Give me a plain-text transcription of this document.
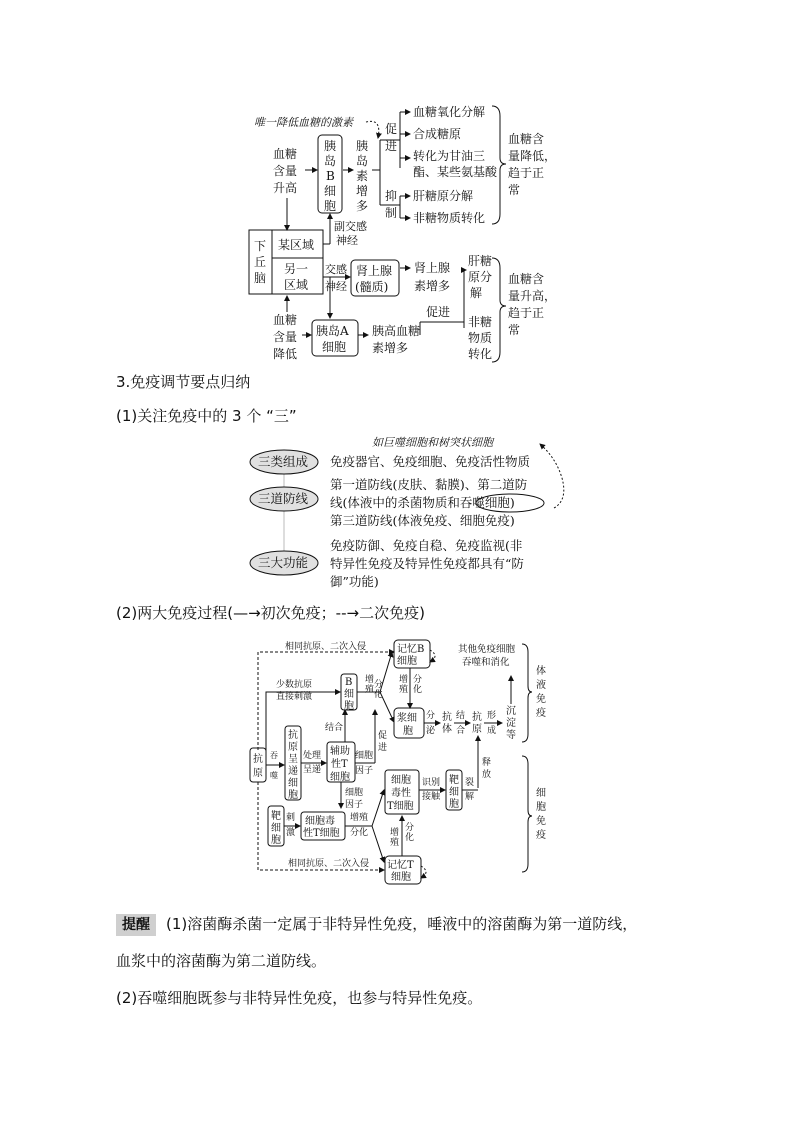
唯一降低血糖的激素
血糖
含量
升高
胰
岛
B
细
胞
胰
岛
素
增
多
促
进
抑
制
血糖氧化分解
合成糖原
转化为甘油三
酯、某些氨基酸
肝糖原分解
非糖物质转化
血糖含
量降低，
趋于正
常
下
丘
脑
某区域
另一
区域
副交感
神经
交感
神经
肾上腺
(髓质)
肾上腺
素增多
促进
肝糖
原分
解
非糖
物质
转化
血糖含
量升高，
趋于正
常
血糖
含量
降低
胰岛A
细胞
胰高血糖
素增多
3.免疫调节要点归纳
(1)关注免疫中的 3 个 “三”
如巨噬细胞和树突状细胞
三类组成
三道防线
三大功能
免疫器官、免疫细胞、免疫活性物质
第一道防线(皮肤、黏膜)、第二道防
线(体液中的杀菌物质和吞噬细胞)
第三道防线(体液免疫、细胞免疫)
免疫防御、免疫自稳、免疫监视(非
特异性免疫及特异性免疫都具有“防
御”功能)
(2)两大免疫过程(—→初次免疫；--→二次免疫)
相同抗原、二次入侵
抗
原
少数抗原
直接刺激
吞
噬
抗
原
呈
递
细
胞
处理
呈递
辅助
性T
细胞
结合
细胞
因子
促
进
细胞
因子
B
细
胞
增
殖 分
化
记忆B
细胞
增
殖
分
化
浆细
胞
分
泌
抗
体
结
合
抗
原
形
成
沉
淀
等
其他免疫细胞
吞噬和消化
体
液
免
疫
释
放
靶
细
胞
刺
激
细胞毒
性T细胞
增殖
分化
细胞
毒性
T细胞
识别
接触
靶
细
胞
裂
解
记忆T
细胞
增
殖
分
化
相同抗原、二次入侵
细
胞
免
疫
提醒 (1)溶菌酶杀菌一定属于非特异性免疫，唾液中的溶菌酶为第一道防线，
血浆中的溶菌酶为第二道防线。
(2)吞噬细胞既参与非特异性免疫，也参与特异性免疫。
